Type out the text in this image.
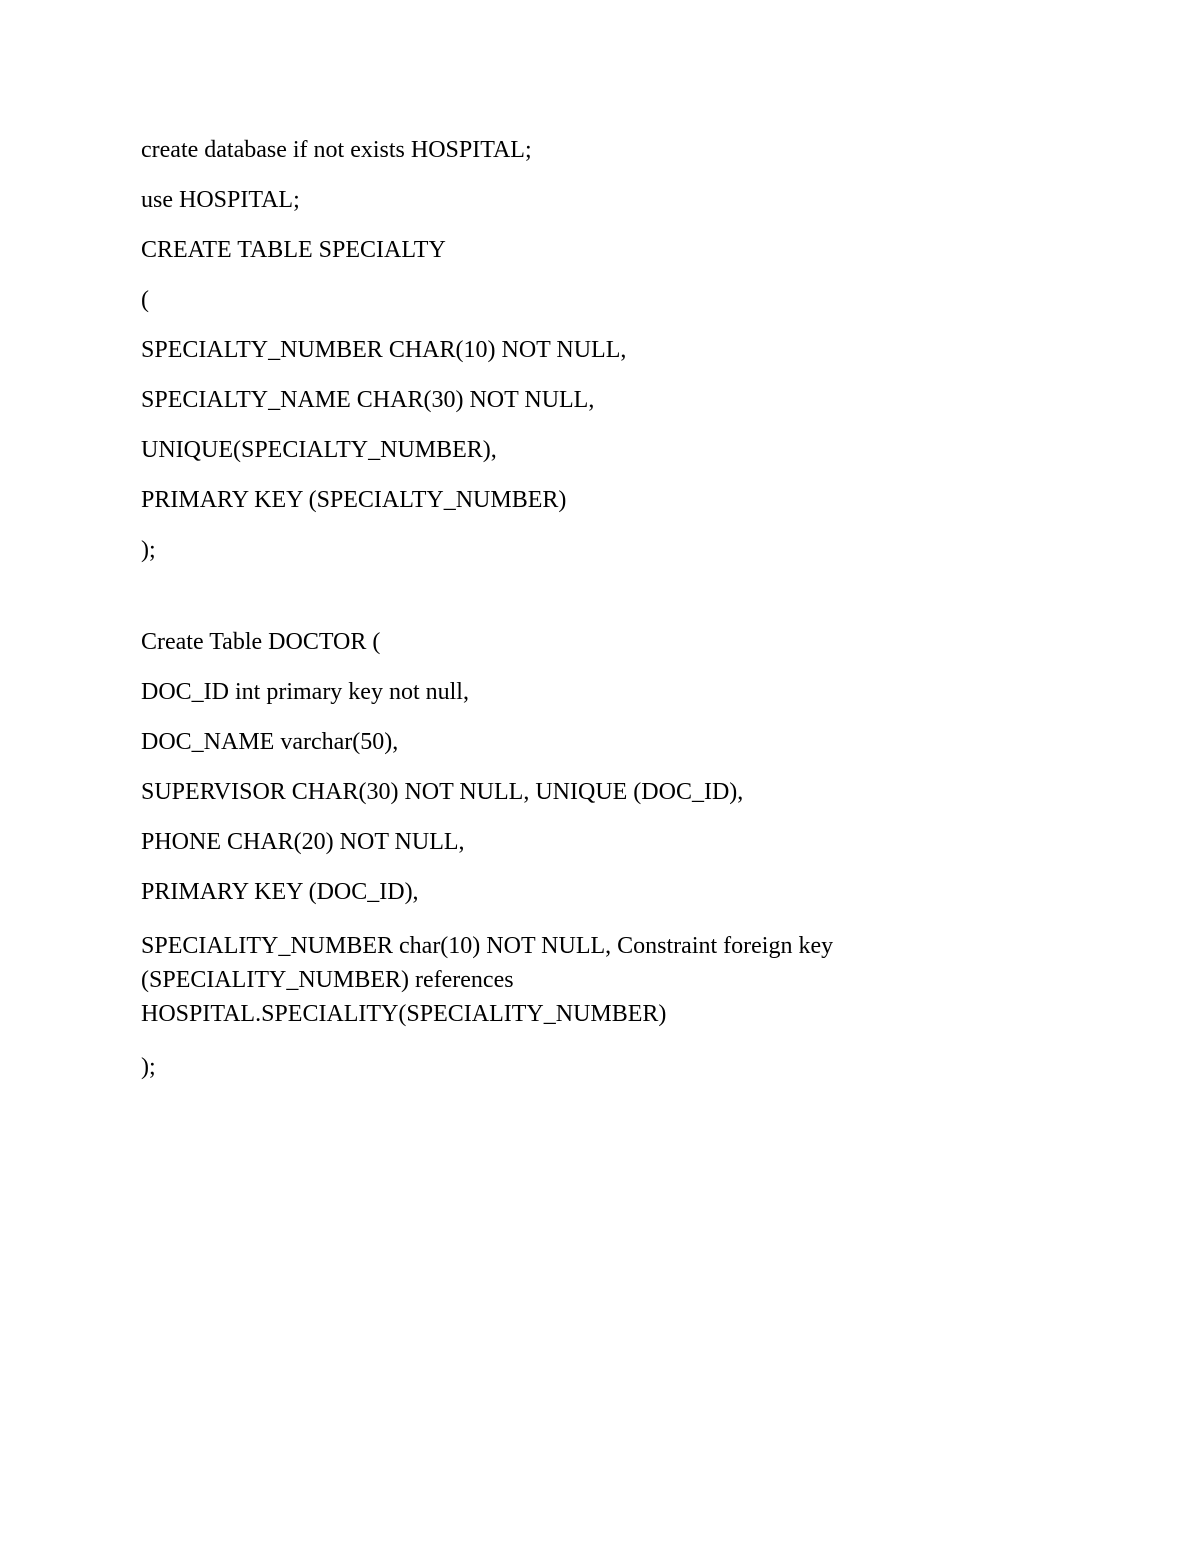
create database if not exists HOSPITAL;

use HOSPITAL;

CREATE TABLE SPECIALTY

(

SPECIALTY_NUMBER CHAR(10) NOT NULL,

SPECIALTY_NAME CHAR(30) NOT NULL,

UNIQUE(SPECIALTY_NUMBER),

PRIMARY KEY (SPECIALTY_NUMBER)

);

Create Table DOCTOR (

DOC_ID int primary key not null,

DOC_NAME varchar(50),

SUPERVISOR CHAR(30) NOT NULL, UNIQUE (DOC_ID),

PHONE CHAR(20) NOT NULL,

PRIMARY KEY (DOC_ID),

SPECIALITY_NUMBER char(10) NOT NULL, Constraint foreign key
(SPECIALITY_NUMBER) references
HOSPITAL.SPECIALITY(SPECIALITY_NUMBER)

);
